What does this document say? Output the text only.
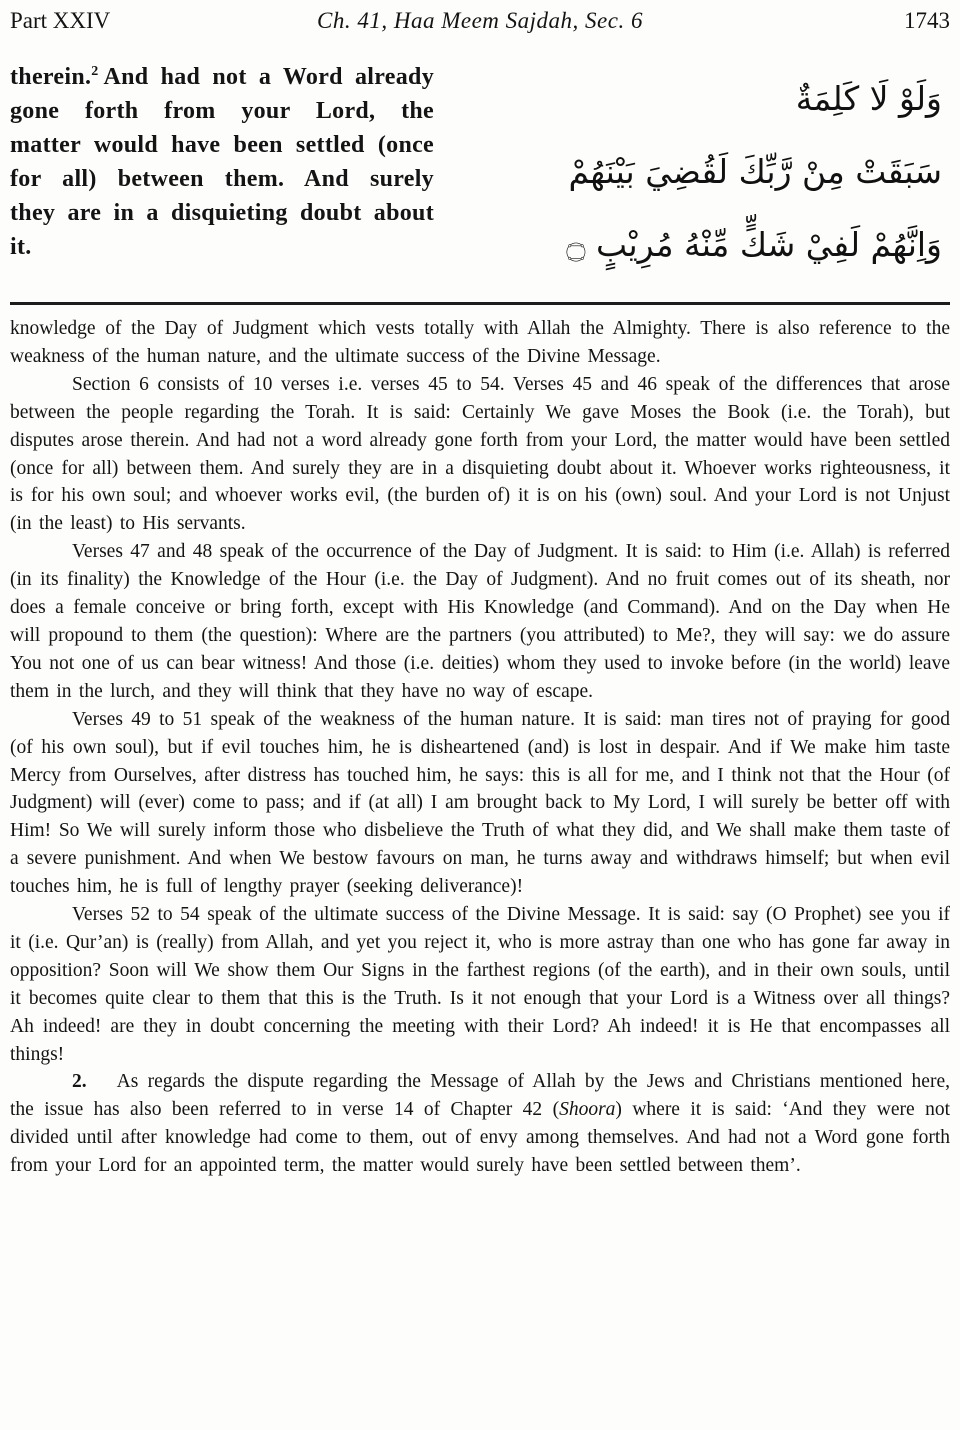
Part XXIV	Ch. 41, Haa Meem Sajdah, Sec. 6	1743
therein.$^2$ And had not a Word already gone forth from your Lord, the matter would have been settled (once for all) between them. And surely they are in a disquieting doubt about it.
وَلَوْ لَا كَلِمَةٌ
سَبَقَتْ مِنْ رَّبِّكَ لَقُضِيَ بَيْنَهُمْ
وَاِنَّهُمْ لَفِيْ شَكٍّ مِّنْهُ مُرِيْبٍ ۝

knowledge of the Day of Judgment which vests totally with Allah the Almighty. There is also reference to the weakness of the human nature, and the ultimate success of the Divine Message.

Section 6 consists of 10 verses i.e. verses 45 to 54. Verses 45 and 46 speak of the differences that arose between the people regarding the Torah. It is said: Certainly We gave Moses the Book (i.e. the Torah), but disputes arose therein. And had not a word already gone forth from your Lord, the matter would have been settled (once for all) between them. And surely they are in a disquieting doubt about it. Whoever works righteousness, it is for his own soul; and whoever works evil, (the burden of) it is on his (own) soul. And your Lord is not Unjust (in the least) to His servants.

Verses 47 and 48 speak of the occurrence of the Day of Judgment. It is said: to Him (i.e. Allah) is referred (in its finality) the Knowledge of the Hour (i.e. the Day of Judgment). And no fruit comes out of its sheath, nor does a female conceive or bring forth, except with His Knowledge (and Command). And on the Day when He will propound to them (the question): Where are the partners (you attributed) to Me?, they will say: we do assure You not one of us can bear witness! And those (i.e. deities) whom they used to invoke before (in the world) leave them in the lurch, and they will think that they have no way of escape.

Verses 49 to 51 speak of the weakness of the human nature. It is said: man tires not of praying for good (of his own soul), but if evil touches him, he is disheartened (and) is lost in despair. And if We make him taste Mercy from Ourselves, after distress has touched him, he says: this is all for me, and I think not that the Hour (of Judgment) will (ever) come to pass; and if (at all) I am brought back to My Lord, I will surely be better off with Him! So We will surely inform those who disbelieve the Truth of what they did, and We shall make them taste of a severe punishment. And when We bestow favours on man, he turns away and withdraws himself; but when evil touches him, he is full of lengthy prayer (seeking deliverance)!

Verses 52 to 54 speak of the ultimate success of the Divine Message. It is said: say (O Prophet) see you if it (i.e. Qur’an) is (really) from Allah, and yet you reject it, who is more astray than one who has gone far away in opposition? Soon will We show them Our Signs in the farthest regions (of the earth), and in their own souls, until it becomes quite clear to them that this is the Truth. Is it not enough that your Lord is a Witness over all things? Ah indeed! are they in doubt concerning the meeting with their Lord? Ah indeed! it is He that encompasses all things!

2. As regards the dispute regarding the Message of Allah by the Jews and Christians mentioned here, the issue has also been referred to in verse 14 of Chapter 42 (Shoora) where it is said: ‘And they were not divided until after knowledge had come to them, out of envy among themselves. And had not a Word gone forth from your Lord for an appointed term, the matter would surely have been settled between them’.
